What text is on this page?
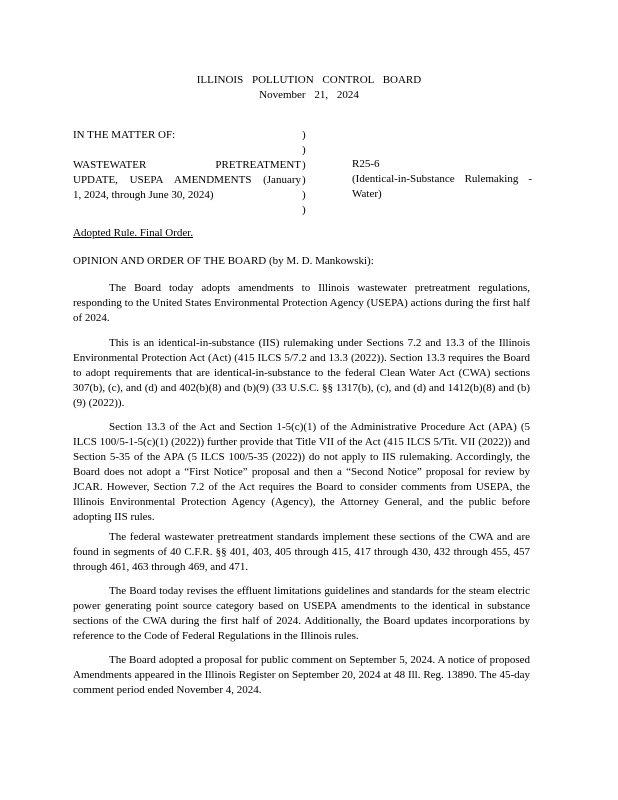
ILLINOIS POLLUTION CONTROL BOARD
November 21, 2024
IN THE MATTER OF:
WASTEWATER PRETREATMENT
UPDATE, USEPA AMENDMENTS (January
1, 2024, through June 30, 2024)
)
)
)
)
)
)
R25-6
(Identical-in-Substance Rulemaking -
Water)
Adopted Rule. Final Order.
OPINION AND ORDER OF THE BOARD (by M. D. Mankowski):
The Board today adopts amendments to Illinois wastewater pretreatment regulations, responding to the United States Environmental Protection Agency (USEPA) actions during the first half of 2024.
This is an identical-in-substance (IIS) rulemaking under Sections 7.2 and 13.3 of the Illinois Environmental Protection Act (Act) (415 ILCS 5/7.2 and 13.3 (2022)). Section 13.3 requires the Board to adopt requirements that are identical-in-substance to the federal Clean Water Act (CWA) sections 307(b), (c), and (d) and 402(b)(8) and (b)(9) (33 U.S.C. §§ 1317(b), (c), and (d) and 1412(b)(8) and (b)(9) (2022)).
Section 13.3 of the Act and Section 1-5(c)(1) of the Administrative Procedure Act (APA) (5 ILCS 100/5-1-5(c)(1) (2022)) further provide that Title VII of the Act (415 ILCS 5/Tit. VII (2022)) and Section 5-35 of the APA (5 ILCS 100/5-35 (2022)) do not apply to IIS rulemaking. Accordingly, the Board does not adopt a “First Notice” proposal and then a “Second Notice” proposal for review by JCAR. However, Section 7.2 of the Act requires the Board to consider comments from USEPA, the Illinois Environmental Protection Agency (Agency), the Attorney General, and the public before adopting IIS rules.
The federal wastewater pretreatment standards implement these sections of the CWA and are found in segments of 40 C.F.R. §§ 401, 403, 405 through 415, 417 through 430, 432 through 455, 457 through 461, 463 through 469, and 471.
The Board today revises the effluent limitations guidelines and standards for the steam electric power generating point source category based on USEPA amendments to the identical in substance sections of the CWA during the first half of 2024. Additionally, the Board updates incorporations by reference to the Code of Federal Regulations in the Illinois rules.
The Board adopted a proposal for public comment on September 5, 2024. A notice of proposed Amendments appeared in the Illinois Register on September 20, 2024 at 48 Ill. Reg. 13890. The 45-day comment period ended November 4, 2024.
